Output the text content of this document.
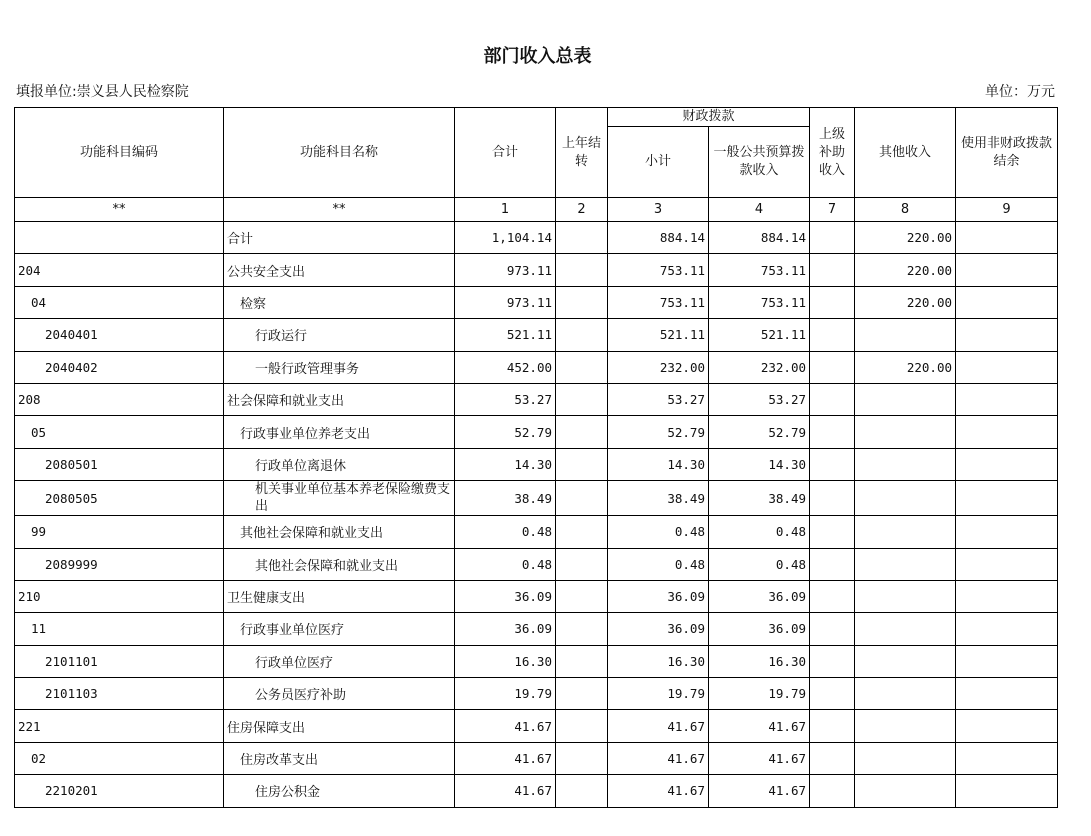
部门收入总表
填报单位:崇义县人民检察院	单位：万元
功能科目编码	功能科目名称	合计	上年结转	财政拨款		上级补助收入	其他收入	使用非财政拨款结余
				小计	一般公共预算拨款收入			
**	**	1	2	3	4	7	8	9
	合计	1,104.14		884.14	884.14		220.00	
204	公共安全支出	973.11		753.11	753.11		220.00	
04	检察	973.11		753.11	753.11		220.00	
2040401	行政运行	521.11		521.11	521.11			
2040402	一般行政管理事务	452.00		232.00	232.00		220.00	
208	社会保障和就业支出	53.27		53.27	53.27			
05	行政事业单位养老支出	52.79		52.79	52.79			
2080501	行政单位离退休	14.30		14.30	14.30			
2080505	机关事业单位基本养老保险缴费支出	38.49		38.49	38.49			
99	其他社会保障和就业支出	0.48		0.48	0.48			
2089999	其他社会保障和就业支出	0.48		0.48	0.48			
210	卫生健康支出	36.09		36.09	36.09			
11	行政事业单位医疗	36.09		36.09	36.09			
2101101	行政单位医疗	16.30		16.30	16.30			
2101103	公务员医疗补助	19.79		19.79	19.79			
221	住房保障支出	41.67		41.67	41.67			
02	住房改革支出	41.67		41.67	41.67			
2210201	住房公积金	41.67		41.67	41.67			
